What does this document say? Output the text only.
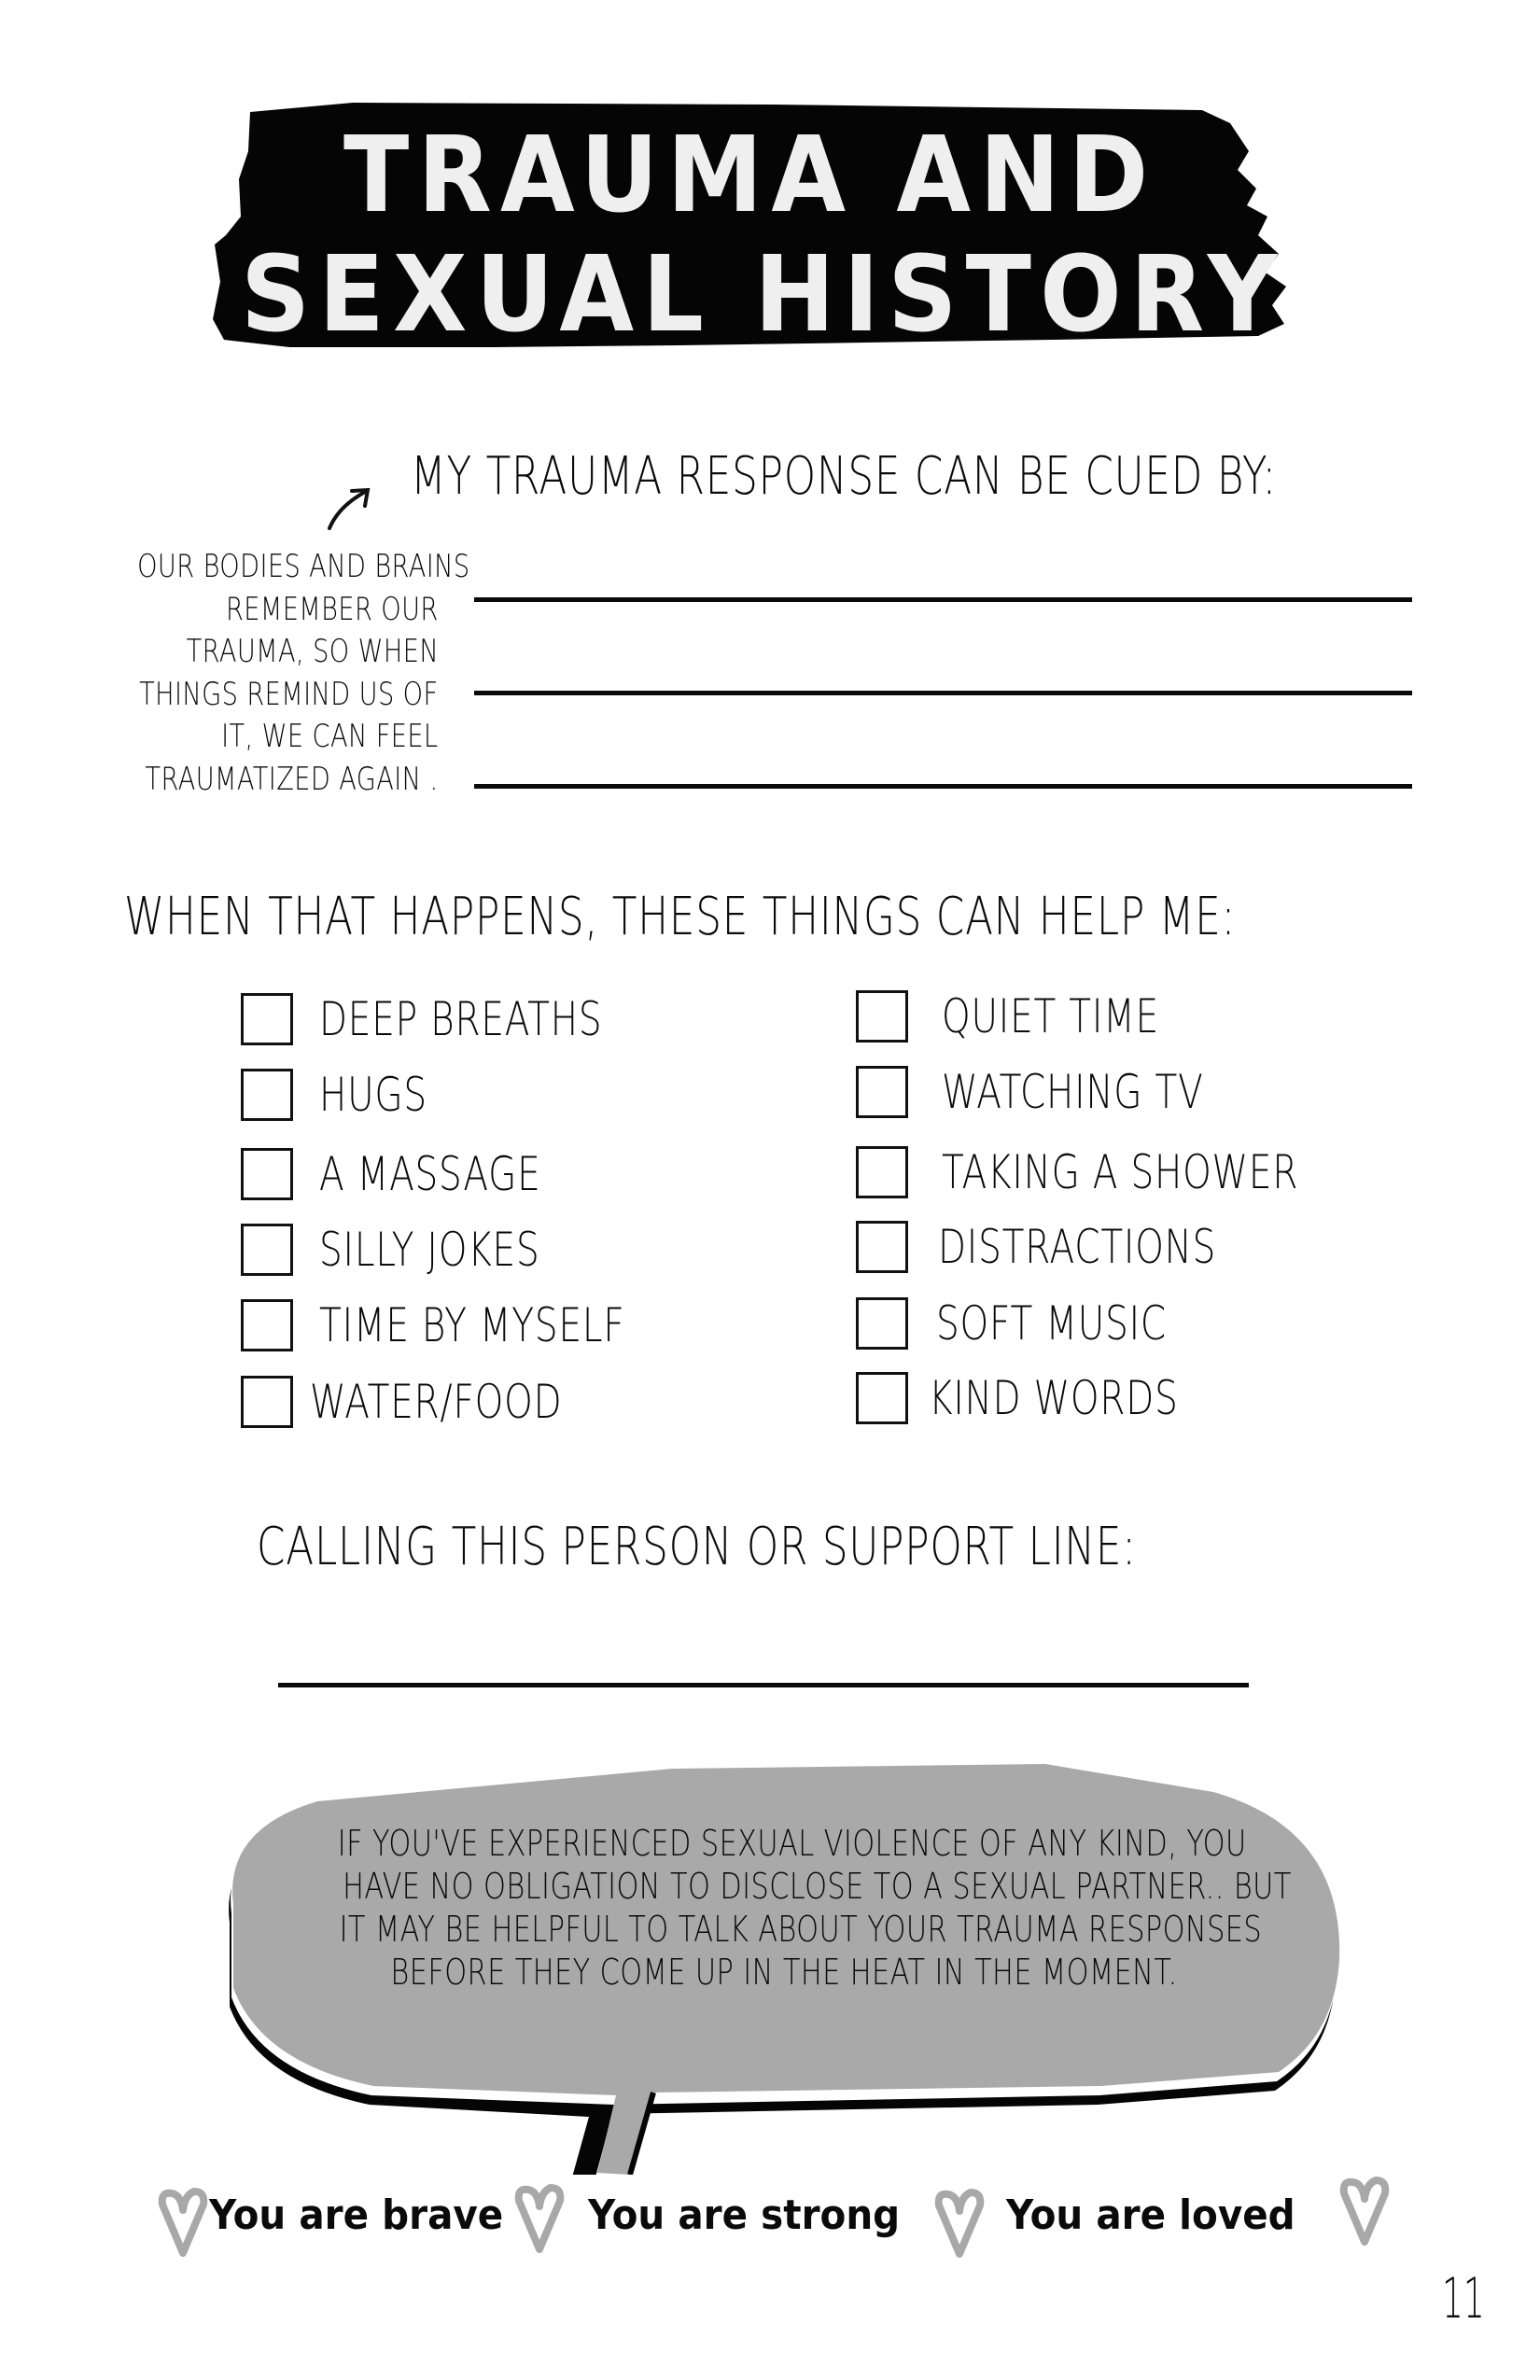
TRAUMA AND
SEXUAL HISTORY
MY TRAUMA RESPONSE CAN BE CUED BY:
OUR BODIES AND BRAINS
REMEMBER OUR
TRAUMA, SO WHEN
THINGS REMIND US OF
IT, WE CAN FEEL
TRAUMATIZED AGAIN .
WHEN THAT HAPPENS, THESE THINGS CAN HELP ME:
DEEP BREATHS
HUGS
A MASSAGE
SILLY JOKES
TIME BY MYSELF
WATER/FOOD
QUIET TIME
WATCHING TV
TAKING A SHOWER
DISTRACTIONS
SOFT MUSIC
KIND WORDS
CALLING THIS PERSON OR SUPPORT LINE:
IF YOU'VE EXPERIENCED SEXUAL VIOLENCE OF ANY KIND, YOU
HAVE NO OBLIGATION TO DISCLOSE TO A SEXUAL PARTNER.. BUT
IT MAY BE HELPFUL TO TALK ABOUT YOUR TRAUMA RESPONSES
BEFORE THEY COME UP IN THE HEAT IN THE MOMENT.
You are brave You are strong	You are loved
11
